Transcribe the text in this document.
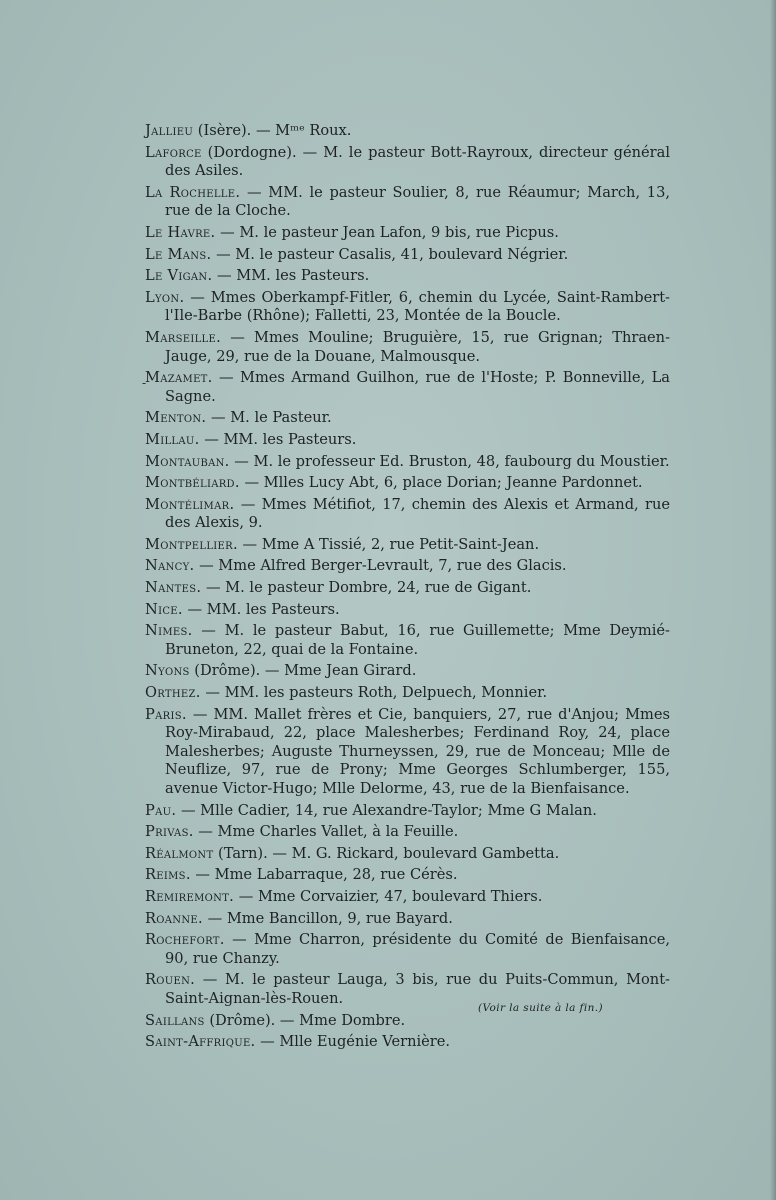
Jallieu (Isère). — Mᵐᵉ Roux.

Laforce (Dordogne). — M. le pasteur Bott-Rayroux, directeur général des Asiles.

La Rochelle. — MM. le pasteur Soulier, 8, rue Réaumur; March, 13, rue de la Cloche.

Le Havre. — M. le pasteur Jean Lafon, 9 bis, rue Picpus.

Le Mans. — M. le pasteur Casalis, 41, boulevard Négrier.

Le Vigan. — MM. les Pasteurs.

Lyon. — Mmes Oberkampf-Fitler, 6, chemin du Lycée, Saint-Rambert-l'Ile-Barbe (Rhône); Falletti, 23, Montée de la Boucle.

Marseille. — Mmes Mouline; Bruguière, 15, rue Grignan; Thraen-Jauge, 29, rue de la Douane, Malmousque.

Mazamet. — Mmes Armand Guilhon, rue de l'Hoste; P. Bonneville, La Sagne.

Menton. — M. le Pasteur.

Millau. — MM. les Pasteurs.

Montauban. — M. le professeur Ed. Bruston, 48, faubourg du Moustier.

Montbéliard. — Mlles Lucy Abt, 6, place Dorian; Jeanne Pardonnet.

Montélimar. — Mmes Métifiot, 17, chemin des Alexis et Armand, rue des Alexis, 9.

Montpellier. — Mme A Tissié, 2, rue Petit-Saint-Jean.

Nancy. — Mme Alfred Berger-Levrault, 7, rue des Glacis.

Nantes. — M. le pasteur Dombre, 24, rue de Gigant.

Nice. — MM. les Pasteurs.

Nimes. — M. le pasteur Babut, 16, rue Guillemette; Mme Deymié-Bruneton, 22, quai de la Fontaine.

Nyons (Drôme). — Mme Jean Girard.

Orthez. — MM. les pasteurs Roth, Delpuech, Monnier.

Paris. — MM. Mallet frères et Cie, banquiers, 27, rue d'Anjou; Mmes Roy-Mirabaud, 22, place Malesherbes; Ferdinand Roy, 24, place Malesherbes; Auguste Thurneyssen, 29, rue de Monceau; Mlle de Neuflize, 97, rue de Prony; Mme Georges Schlumberger, 155, avenue Victor-Hugo; Mlle Delorme, 43, rue de la Bienfaisance.

Pau. — Mlle Cadier, 14, rue Alexandre-Taylor; Mme G Malan.

Privas. — Mme Charles Vallet, à la Feuille.

Réalmont (Tarn). — M. G. Rickard, boulevard Gambetta.

Reims. — Mme Labarraque, 28, rue Cérès.

Remiremont. — Mme Corvaizier, 47, boulevard Thiers.

Roanne. — Mme Bancillon, 9, rue Bayard.

Rochefort. — Mme Charron, présidente du Comité de Bienfaisance, 90, rue Chanzy.

Rouen. — M. le pasteur Lauga, 3 bis, rue du Puits-Commun, Mont-Saint-Aignan-lès-Rouen.

Saillans (Drôme). — Mme Dombre.

Saint-Affrique. — Mlle Eugénie Vernière.

-
(Voir la suite à la fin.)
